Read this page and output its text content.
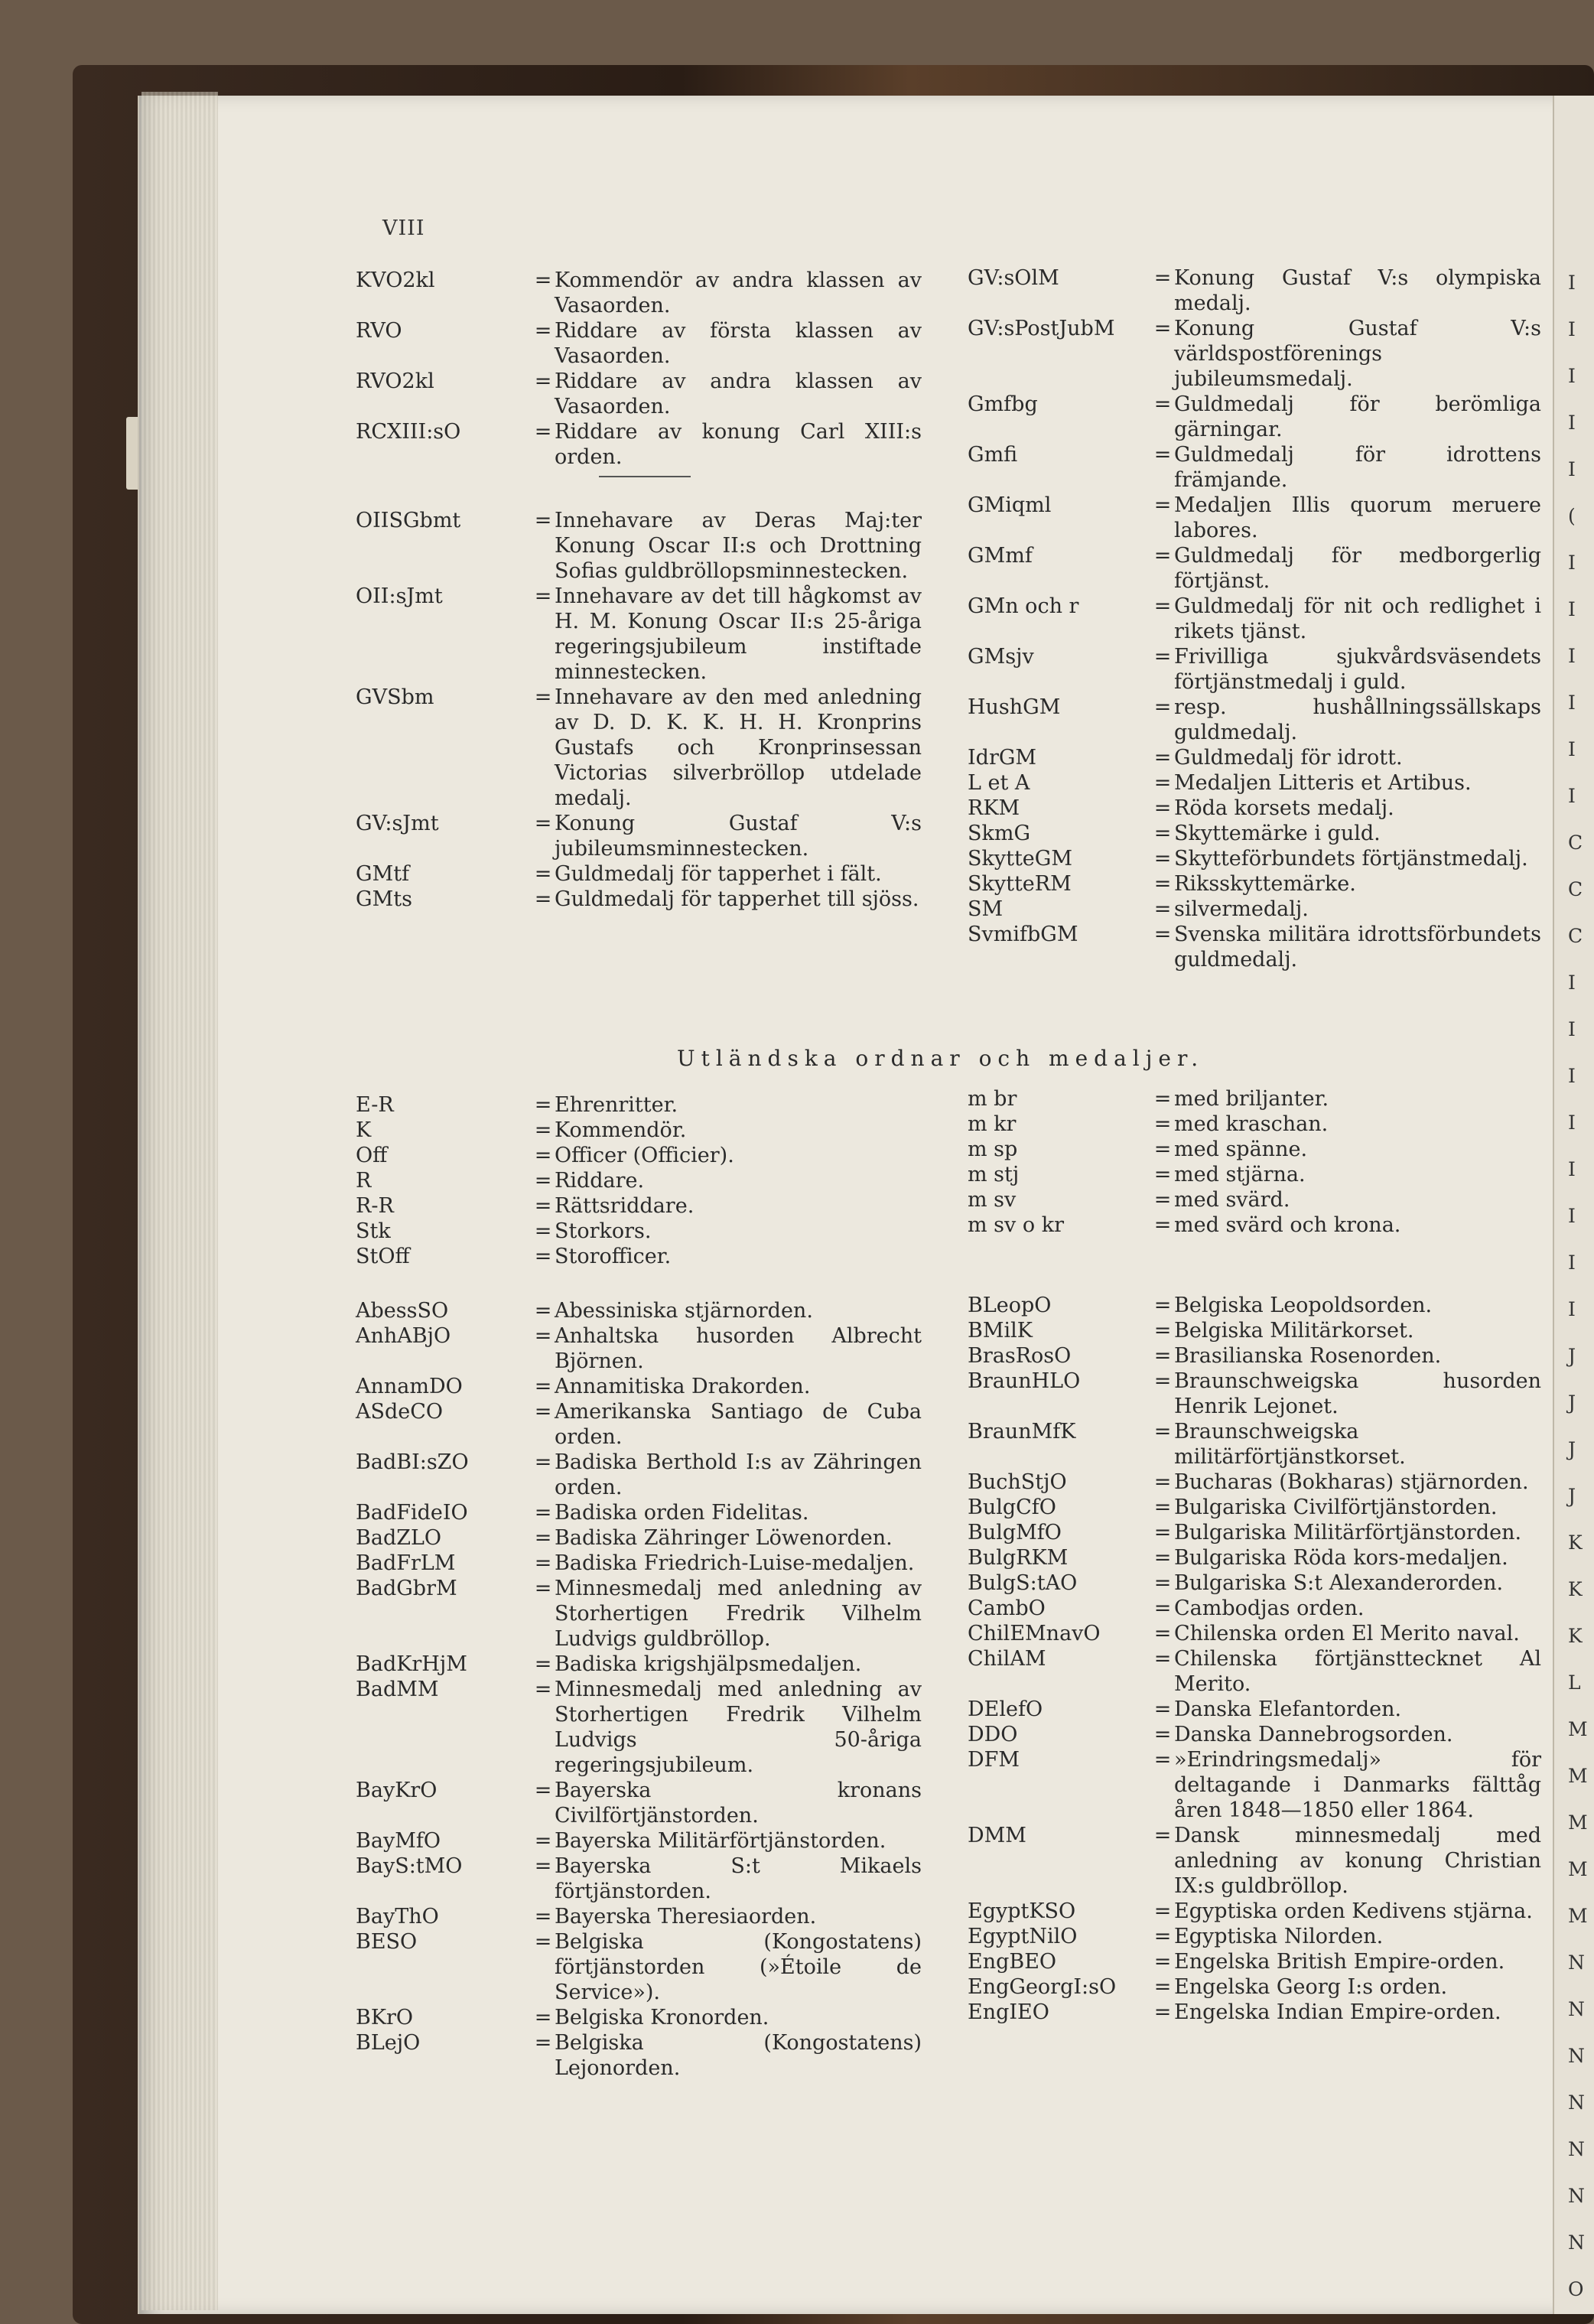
I
I
I
I
I
(
I
I
I
I
I
I
C
C
C
I
I
I
I
I
I
I
I
J
J
J
J
K
K
K
L
M
M
M
M
M
N
N
N
N
N
N
N
O
VIII
KVO2kl	= Kommendör av andra klassen av Vasaorden.
RVO	= Riddare av första klassen av Vasaorden.
RVO2kl	= Riddare av andra klassen av Vasaorden.
RCXIII:sO	= Riddare av konung Carl XIII:s orden.
OIISGbmt	= Innehavare av Deras Maj:ter Konung Oscar II:s och Drottning Sofias guldbröllopsminnestecken.
OII:sJmt	= Innehavare av det till hågkomst av H. M. Konung Oscar II:s 25-åriga regeringsjubileum instiftade minnestecken.
GVSbm	= Innehavare av den med anledning av D. D. K. K. H. H. Kronprins Gustafs och Kronprinsessan Victorias silverbröllop utdelade medalj.
GV:sJmt	= Konung Gustaf V:s jubileumsminnestecken.
GMtf	= Guldmedalj för tapperhet i fält.
GMts	= Guldmedalj för tapperhet till sjöss.
GV:sOlM	= Konung Gustaf V:s olympiska medalj.
GV:sPostJubM	= Konung Gustaf V:s världspostförenings jubileumsmedalj.
Gmfbg	= Guldmedalj för berömliga gärningar.
Gmfi	= Guldmedalj för idrottens främjande.
GMiqml	= Medaljen Illis quorum meruere labores.
GMmf	= Guldmedalj för medborgerlig förtjänst.
GMn och r	= Guldmedalj för nit och redlighet i rikets tjänst.
GMsjv	= Frivilliga sjukvårdsväsendets förtjänstmedalj i guld.
HushGM	= resp. hushållningssällskaps guldmedalj.
IdrGM	= Guldmedalj för idrott.
L et A	= Medaljen Litteris et Artibus.
RKM	= Röda korsets medalj.
SkmG	= Skyttemärke i guld.
SkytteGM	= Skytteförbundets förtjänstmedalj.
SkytteRM	= Riksskyttemärke.
SM	= silvermedalj.
SvmifbGM	= Svenska militära idrottsförbundets guldmedalj.
Utländska ordnar och medaljer.
E-R	= Ehrenritter.
K	= Kommendör.
Off	= Officer (Officier).
R	= Riddare.
R-R	= Rättsriddare.
Stk	= Storkors.
StOff	= Storofficer.
m br	= med briljanter.
m kr	= med kraschan.
m sp	= med spänne.
m stj	= med stjärna.
m sv	= med svärd.
m sv o kr	= med svärd och krona.
AbessSO	= Abessiniska stjärnorden.
AnhABjO	= Anhaltska husorden Albrecht Björnen.
AnnamDO	= Annamitiska Drakorden.
ASdeCO	= Amerikanska Santiago de Cuba orden.
BadBI:sZO	= Badiska Berthold I:s av Zähringen orden.
BadFideIO	= Badiska orden Fidelitas.
BadZLO	= Badiska Zähringer Löwenorden.
BadFrLM	= Badiska Friedrich-Luise-medaljen.
BadGbrM	= Minnesmedalj med anledning av Storhertigen Fredrik Vilhelm Ludvigs guldbröllop.
BadKrHjM	= Badiska krigshjälpsmedaljen.
BadMM	= Minnesmedalj med anledning av Storhertigen Fredrik Vilhelm Ludvigs 50-åriga regeringsjubileum.
BayKrO	= Bayerska kronans Civilförtjänstorden.
BayMfO	= Bayerska Militärförtjänstorden.
BayS:tMO	= Bayerska S:t Mikaels förtjänstorden.
BayThO	= Bayerska Theresiaorden.
BESO	= Belgiska (Kongostatens) förtjänstorden (»Étoile de Service»).
BKrO	= Belgiska Kronorden.
BLejO	= Belgiska (Kongostatens) Lejonorden.
BLeopO	= Belgiska Leopoldsorden.
BMilK	= Belgiska Militärkorset.
BrasRosO	= Brasilianska Rosenorden.
BraunHLO	= Braunschweigska husorden Henrik Lejonet.
BraunMfK	= Braunschweigska militärförtjänstkorset.
BuchStjO	= Bucharas (Bokharas) stjärnorden.
BulgCfO	= Bulgariska Civilförtjänstorden.
BulgMfO	= Bulgariska Militärförtjänstorden.
BulgRKM	= Bulgariska Röda kors-medaljen.
BulgS:tAO	= Bulgariska S:t Alexanderorden.
CambO	= Cambodjas orden.
ChilEMnavO	= Chilenska orden El Merito naval.
ChilAM	= Chilenska förtjänsttecknet Al Merito.
DElefO	= Danska Elefantorden.
DDO	= Danska Dannebrogsorden.
DFM	= »Erindringsmedalj» för deltagande i Danmarks fälttåg åren 1848—1850 eller 1864.
DMM	= Dansk minnesmedalj med anledning av konung Christian IX:s guldbröllop.
EgyptKSO	= Egyptiska orden Kedivens stjärna.
EgyptNilO	= Egyptiska Nilorden.
EngBEO	= Engelska British Empire-orden.
EngGeorgI:sO	= Engelska Georg I:s orden.
EngIEO	= Engelska Indian Empire-orden.
